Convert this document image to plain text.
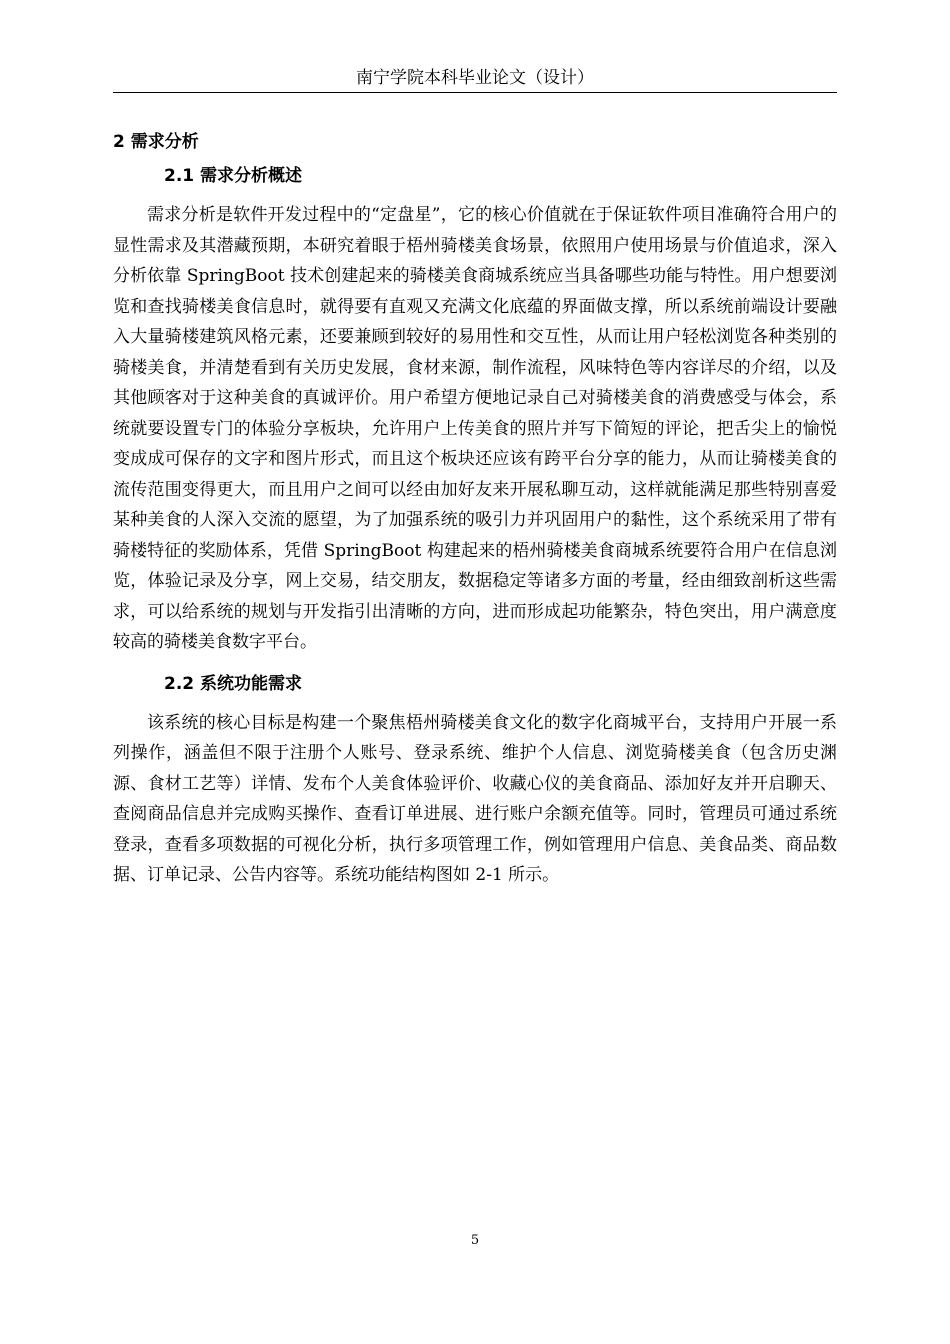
南宁学院本科毕业论文（设计）
2 需求分析
2.1 需求分析概述

需求分析是软件开发过程中的“定盘星”，它的核心价值就在于保证软件项目准确符合用户的显性需求及其潜藏预期，本研究着眼于梧州骑楼美食场景，依照用户使用场景与价值追求，深入分析依靠 SpringBoot 技术创建起来的骑楼美食商城系统应当具备哪些功能与特性。用户想要浏览和查找骑楼美食信息时，就得要有直观又充满文化底蕴的界面做支撑，所以系统前端设计要融入大量骑楼建筑风格元素，还要兼顾到较好的易用性和交互性，从而让用户轻松浏览各种类别的骑楼美食，并清楚看到有关历史发展，食材来源，制作流程，风味特色等内容详尽的介绍，以及其他顾客对于这种美食的真诚评价。用户希望方便地记录自己对骑楼美食的消费感受与体会，系统就要设置专门的体验分享板块，允许用户上传美食的照片并写下简短的评论，把舌尖上的愉悦变成成可保存的文字和图片形式，而且这个板块还应该有跨平台分享的能力，从而让骑楼美食的流传范围变得更大，而且用户之间可以经由加好友来开展私聊互动，这样就能满足那些特别喜爱某种美食的人深入交流的愿望，为了加强系统的吸引力并巩固用户的黏性，这个系统采用了带有骑楼特征的奖励体系，凭借 SpringBoot 构建起来的梧州骑楼美食商城系统要符合用户在信息浏览，体验记录及分享，网上交易，结交朋友，数据稳定等诸多方面的考量，经由细致剖析这些需求，可以给系统的规划与开发指引出清晰的方向，进而形成起功能繁杂，特色突出，用户满意度较高的骑楼美食数字平台。

2.2 系统功能需求

该系统的核心目标是构建一个聚焦梧州骑楼美食文化的数字化商城平台，支持用户开展一系列操作，涵盖但不限于注册个人账号、登录系统、维护个人信息、浏览骑楼美食（包含历史渊源、食材工艺等）详情、发布个人美食体验评价、收藏心仪的美食商品、添加好友并开启聊天、查阅商品信息并完成购买操作、查看订单进展、进行账户余额充值等。同时，管理员可通过系统登录，查看多项数据的可视化分析，执行多项管理工作，例如管理用户信息、美食品类、商品数据、订单记录、公告内容等。系统功能结构图如 2-1 所示。

5
